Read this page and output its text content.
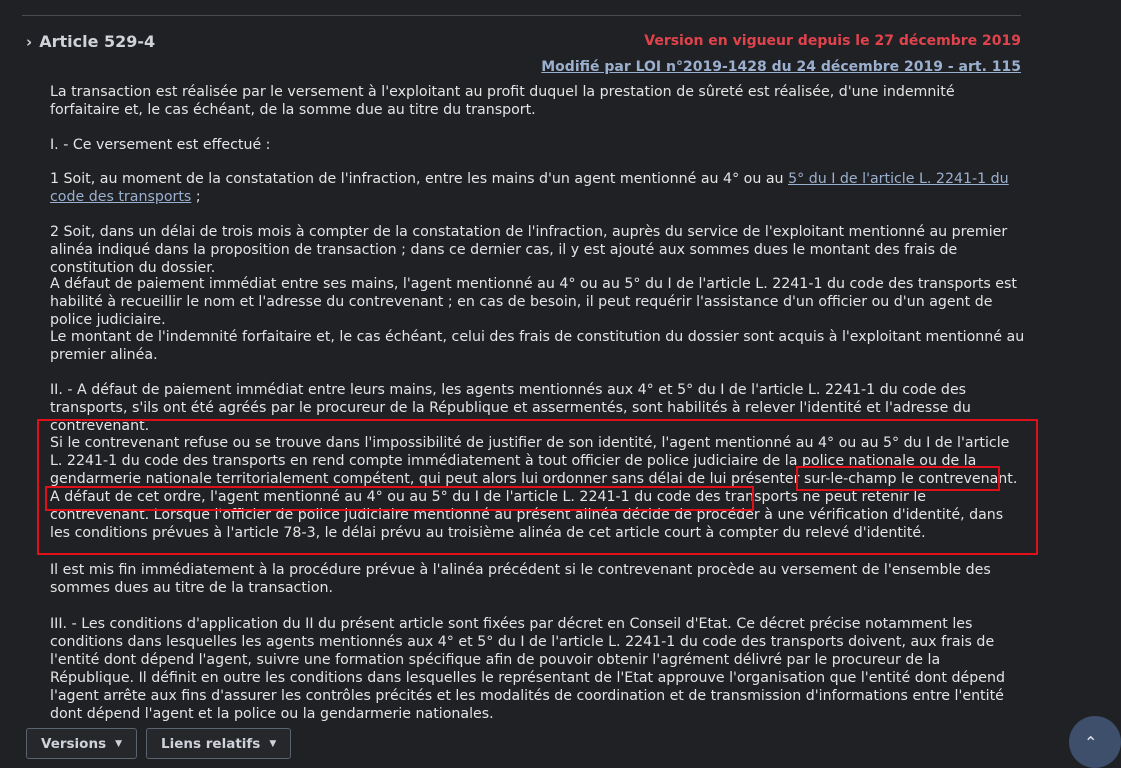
› Article 529-4	Version en vigueur depuis le 27 décembre 2019
Modifié par LOI n°2019-1428 du 24 décembre 2019 - art. 115

La transaction est réalisée par le versement à l'exploitant au profit duquel la prestation de sûreté est réalisée, d'une indemnité forfaitaire et, le cas échéant, de la somme due au titre du transport.

I. - Ce versement est effectué :

1 Soit, au moment de la constatation de l'infraction, entre les mains d'un agent mentionné au 4° ou au 5° du I de l'article L. 2241-1 du code des transports ;

2 Soit, dans un délai de trois mois à compter de la constatation de l'infraction, auprès du service de l'exploitant mentionné au premier alinéa indiqué dans la proposition de transaction ; dans ce dernier cas, il y est ajouté aux sommes dues le montant des frais de constitution du dossier.

A défaut de paiement immédiat entre ses mains, l'agent mentionné au 4° ou au 5° du I de l'article L. 2241-1 du code des transports est habilité à recueillir le nom et l'adresse du contrevenant ; en cas de besoin, il peut requérir l'assistance d'un officier ou d'un agent de police judiciaire.

Le montant de l'indemnité forfaitaire et, le cas échéant, celui des frais de constitution du dossier sont acquis à l'exploitant mentionné au premier alinéa.

II. - A défaut de paiement immédiat entre leurs mains, les agents mentionnés aux 4° et 5° du I de l'article L. 2241-1 du code des transports, s'ils ont été agréés par le procureur de la République et assermentés, sont habilités à relever l'identité et l'adresse du contrevenant.

Si le contrevenant refuse ou se trouve dans l'impossibilité de justifier de son identité, l'agent mentionné au 4° ou au 5° du I de l'article L. 2241-1 du code des transports en rend compte immédiatement à tout officier de police judiciaire de la police nationale ou de la gendarmerie nationale territorialement compétent, qui peut alors lui ordonner sans délai de lui présenter sur-le-champ le contrevenant. A défaut de cet ordre, l'agent mentionné au 4° ou au 5° du I de l'article L. 2241-1 du code des transports ne peut retenir le contrevenant. Lorsque l'officier de police judiciaire mentionné au présent alinéa décide de procéder à une vérification d'identité, dans les conditions prévues à l'article 78-3, le délai prévu au troisième alinéa de cet article court à compter du relevé d'identité.

Il est mis fin immédiatement à la procédure prévue à l'alinéa précédent si le contrevenant procède au versement de l'ensemble des sommes dues au titre de la transaction.

III. - Les conditions d'application du II du présent article sont fixées par décret en Conseil d'Etat. Ce décret précise notamment les conditions dans lesquelles les agents mentionnés aux 4° et 5° du I de l'article L. 2241-1 du code des transports doivent, aux frais de l'entité dont dépend l'agent, suivre une formation spécifique afin de pouvoir obtenir l'agrément délivré par le procureur de la République. Il définit en outre les conditions dans lesquelles le représentant de l'Etat approuve l'organisation que l'entité dont dépend l'agent arrête aux fins d'assurer les contrôles précités et les modalités de coordination et de transmission d'informations entre l'entité dont dépend l'agent et la police ou la gendarmerie nationales.

Versions ▼	Liens relatifs ▼	⌃
